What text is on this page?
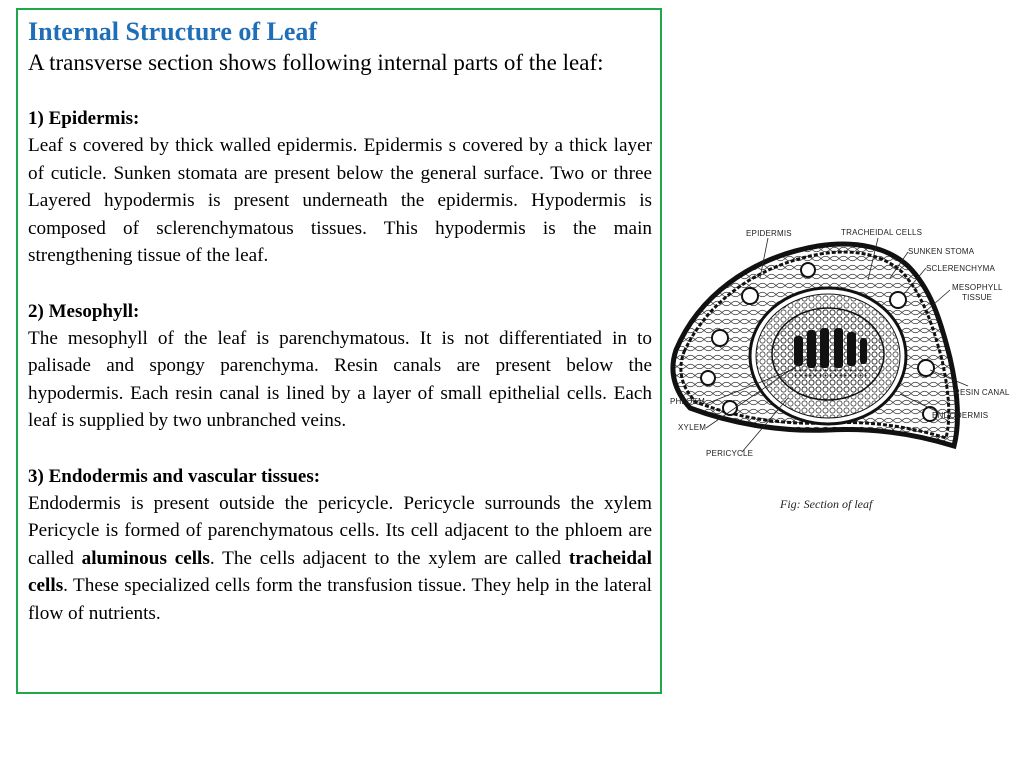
Internal Structure of Leaf

A transverse section shows following internal parts of the leaf:

1) Epidermis:

Leaf s covered by thick walled epidermis. Epidermis s covered by a thick layer of cuticle. Sunken stomata are present below the general surface. Two or three Layered hypodermis is present underneath the epidermis. Hypodermis is composed of sclerenchymatous tissues. This hypodermis is the main strengthening tissue of the leaf.

2) Mesophyll:

The mesophyll of the leaf is parenchymatous. It is not differentiated in to palisade and spongy parenchyma. Resin canals are present below the hypodermis. Each resin canal is lined by a layer of small epithelial cells. Each leaf is supplied by two unbranched veins.

3) Endodermis and vascular tissues:

Endodermis is present outside the pericycle. Pericycle surrounds the xylem Pericycle is formed of parenchymatous cells. Its cell adjacent to the phloem are called aluminous cells. The cells adjacent to the xylem are called tracheidal cells. These specialized cells form the transfusion tissue. They help in the lateral flow of nutrients.

EPIDERMIS	TRACHEIDAL CELLS
SUNKEN STOMA
SCLERENCHYMA
MESOPHYLL
TISSUE
RESIN CANAL
ENDODERMIS
PHLOEM
XYLEM
PERICYCLE
Fig: Section of leaf
